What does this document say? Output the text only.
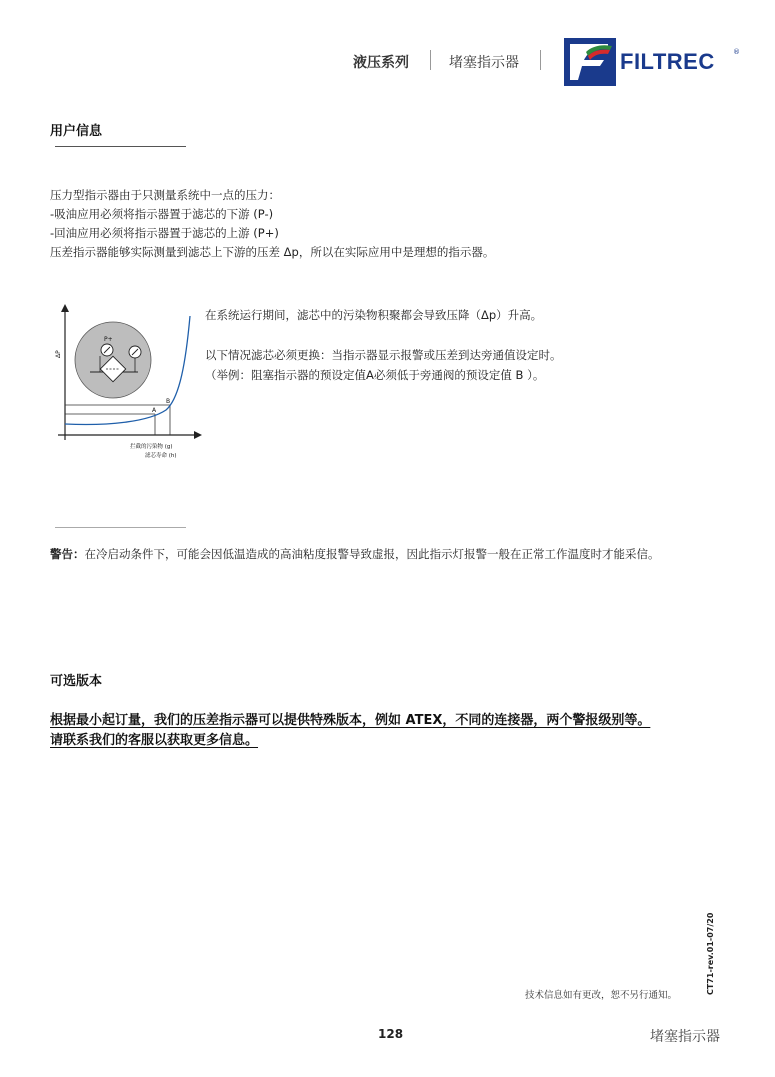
液压系列	堵塞指示器	FILTREC	®
用户信息
压力型指示器由于只测量系统中一点的压力：
-吸油应用必须将指示器置于滤芯的下游 (P-)
-回油应用必须将指示器置于滤芯的上游 (P+)
压差指示器能够实际测量到滤芯上下游的压差 Δp，所以在实际应用中是理想的指示器。
P+
A
B
ΔP
拦截的污染物 (g)
滤芯寿命 (h)
在系统运行期间，滤芯中的污染物积聚都会导致压降（Δp）升高。
以下情况滤芯必须更换：当指示器显示报警或压差到达旁通值设定时。
（举例：阻塞指示器的预设定值A必须低于旁通阀的预设定值 B ）。
警告：在冷启动条件下，可能会因低温造成的高油粘度报警导致虚报，因此指示灯报警一般在正常工作温度时才能采信。
可选版本
根据最小起订量，我们的压差指示器可以提供特殊版本，例如 ATEX，不同的连接器，两个警报级别等。
请联系我们的客服以获取更多信息。
CT71-rev.01-07/20
技术信息如有更改，恕不另行通知。
128	堵塞指示器
